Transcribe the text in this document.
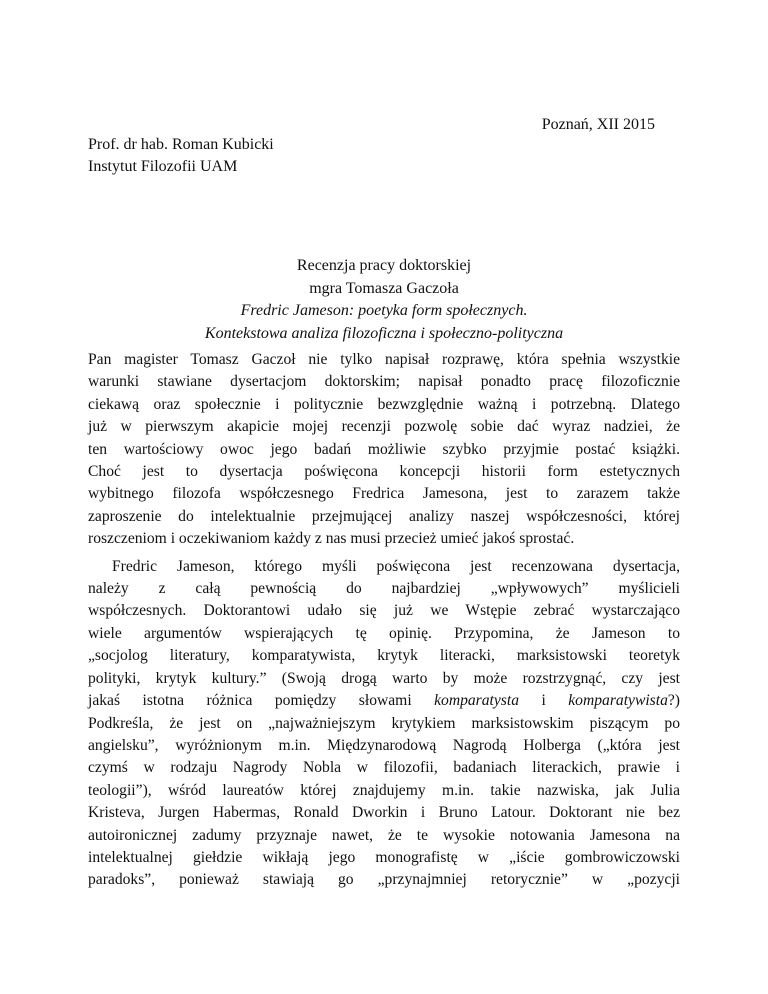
Poznań, XII 2015
Prof. dr hab. Roman Kubicki
Instytut Filozofii UAM
Recenzja pracy doktorskiej
mgra Tomasza Gaczoła
Fredric Jameson: poetyka form społecznych.
Kontekstowa analiza filozoficzna i społeczno-polityczna

Pan magister Tomasz Gaczoł nie tylko napisał rozprawę, która spełnia wszystkie
warunki stawiane dysertacjom doktorskim; napisał ponadto pracę filozoficznie
ciekawą oraz społecznie i politycznie bezwzględnie ważną i potrzebną. Dlatego
już w pierwszym akapicie mojej recenzji pozwolę sobie dać wyraz nadziei, że
ten wartościowy owoc jego badań możliwie szybko przyjmie postać książki.
Choć jest to dysertacja poświęcona koncepcji historii form estetycznych
wybitnego filozofa współczesnego Fredrica Jamesona, jest to zarazem także
zaproszenie do intelektualnie przejmującej analizy naszej współczesności, której
roszczeniom i oczekiwaniom każdy z nas musi przecież umieć jakoś sprostać.

Fredric Jameson, którego myśli poświęcona jest recenzowana dysertacja,
należy z całą pewnością do najbardziej „wpływowych” myślicieli
współczesnych. Doktorantowi udało się już we Wstępie zebrać wystarczająco
wiele argumentów wspierających tę opinię. Przypomina, że Jameson to
„socjolog literatury, komparatywista, krytyk literacki, marksistowski teoretyk
polityki, krytyk kultury.” (Swoją drogą warto by może rozstrzygnąć, czy jest
jakaś istotna różnica pomiędzy słowami komparatysta i komparatywista?)
Podkreśla, że jest on „najważniejszym krytykiem marksistowskim piszącym po
angielsku”, wyróżnionym m.in. Międzynarodową Nagrodą Holberga („która jest
czymś w rodzaju Nagrody Nobla w filozofii, badaniach literackich, prawie i
teologii”), wśród laureatów której znajdujemy m.in. takie nazwiska, jak Julia
Kristeva, Jurgen Habermas, Ronald Dworkin i Bruno Latour. Doktorant nie bez
autoironicznej zadumy przyznaje nawet, że te wysokie notowania Jamesona na
intelektualnej giełdzie wikłają jego monografistę w „iście gombrowiczowski
paradoks”, ponieważ stawiają go „przynajmniej retorycznie” w „pozycji
